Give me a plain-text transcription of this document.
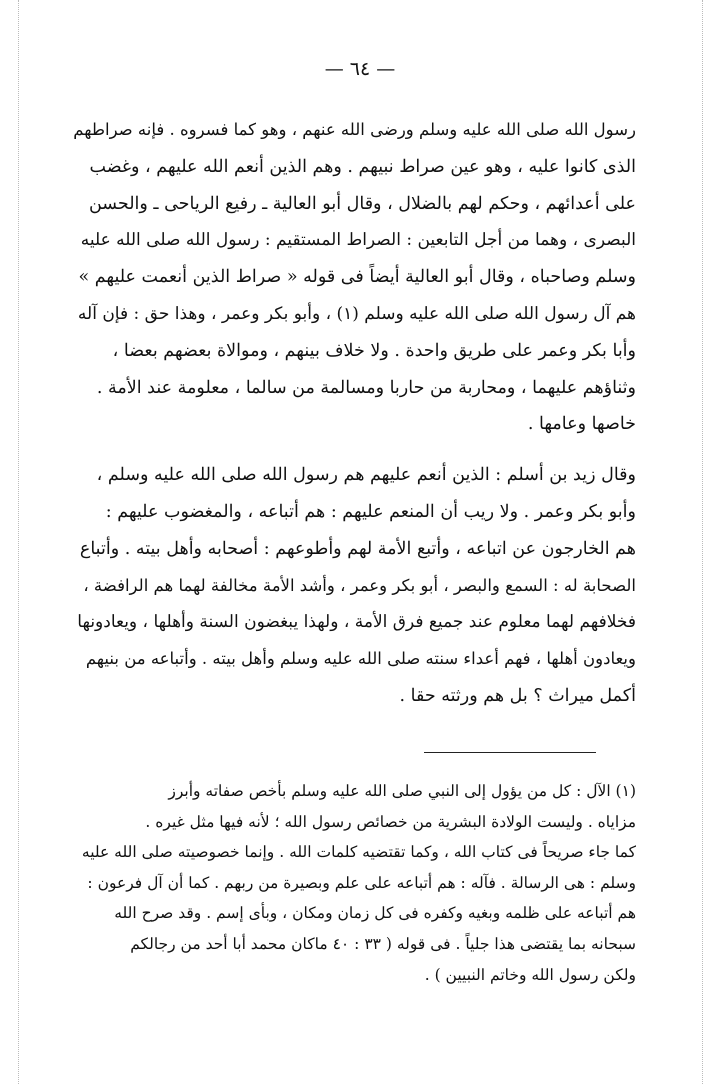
— ٦٤ —
رسول الله صلى الله عليه وسلم ورضى الله عنهم ، وهو كما فسروه . فإنه صراطهم
الذى كانوا عليه ، وهو عين صراط نبيهم . وهم الذين أنعم الله عليهم ، وغضب
على أعدائهم ، وحكم لهم بالضلال ، وقال أبو العالية ـ رفيع الرياحى ـ والحسن
البصرى ، وهما من أجل التابعين : الصراط المستقيم : رسول الله صلى الله عليه
وسلم وصاحباه ، وقال أبو العالية أيضاً فى قوله « صراط الذين أنعمت عليهم »
هم آل رسول الله صلى الله عليه وسلم (١) ، وأبو بكر وعمر ، وهذا حق : فإن آله
وأبا بكر وعمر على طريق واحدة . ولا خلاف بينهم ، وموالاة بعضهم بعضا ،
وثناؤهم عليهما ، ومحاربة من حاربا ومسالمة من سالما ، معلومة عند الأمة .
خاصها وعامها .
وقال زيد بن أسلم : الذين أنعم عليهم هم رسول الله صلى الله عليه وسلم ،
وأبو بكر وعمر . ولا ريب أن المنعم عليهم : هم أتباعه ، والمغضوب عليهم :
هم الخارجون عن اتباعه ، وأتبع الأمة لهم وأطوعهم : أصحابه وأهل بيته . وأتباع
الصحابة له : السمع والبصر ، أبو بكر وعمر ، وأشد الأمة مخالفة لهما هم الرافضة ،
فخلافهم لهما معلوم عند جميع فرق الأمة ، ولهذا يبغضون السنة وأهلها ، ويعادونها
ويعادون أهلها ، فهم أعداء سنته صلى الله عليه وسلم وأهل بيته . وأتباعه من بنيهم
أكمل ميراث ؟ بل هم ورثته حقا .
(١) الآل : كل من يؤول إلى النبي صلى الله عليه وسلم بأخص صفاته وأبرز
مزاياه . وليست الولادة البشرية من خصائص رسول الله ؛ لأنه فيها مثل غيره .
كما جاء صريحاً فى كتاب الله ، وكما تقتضيه كلمات الله . وإنما خصوصيته صلى الله عليه
وسلم : هى الرسالة . فآله : هم أتباعه على علم وبصيرة من ربهم . كما أن آل فرعون :
هم أتباعه على ظلمه وبغيه وكفره فى كل زمان ومكان ، وبأى إسم . وقد صرح الله
سبحانه بما يقتضى هذا جلياً . فى قوله ( ٣٣ : ٤٠ ماكان محمد أبا أحد من رجالكم
ولكن رسول الله وخاتم النبيين ) .
